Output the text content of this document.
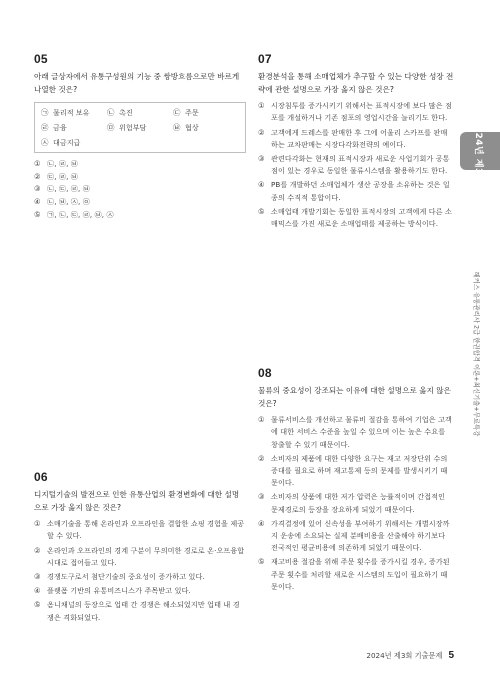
05
아래 글상자에서 유통구성원의 기능 중 쌍방흐름으로만 바르게 나열한 것은?
㉠ 물리적 보유 ㉡ 촉진	㉢ 주문
㉣ 금융	㉤ 위험부담	㉥ 협상
㉦ 대금지급
① ㉡, ㉣, ㉥
② ㉢, ㉣, ㉥
③ ㉡, ㉢, ㉣, ㉥
④ ㉡, ㉥, ㉦, ㉧
⑤ ㉠, ㉡, ㉢, ㉣, ㉥, ㉦
06
디지털기술의 발전으로 인한 유통산업의 환경변화에 대한 설명으로 가장 옳지 않은 것은?
① 소매기술을 통해 온라인과 오프라인을 결합한 쇼핑 경험을 제공할 수 있다.
② 온라인과 오프라인의 경계 구분이 무의미한 경로로 온·오프융합시대로 접어들고 있다.
③ 경쟁도구로서 첨단기술의 중요성이 증가하고 있다.
④ 플랫폼 기반의 유통비즈니스가 주목받고 있다.
⑤ 옴니채널의 등장으로 업태 간 경쟁은 해소되었지만 업태 내 경쟁은 격화되었다.
07
환경분석을 통해 소매업체가 추구할 수 있는 다양한 성장 전략에 관한 설명으로 가장 옳지 않은 것은?
① 시장침투를 증가시키기 위해서는 표적시장에 보다 많은 점포를 개설하거나 기존 점포의 영업시간을 늘리기도 한다.
② 고객에게 드레스를 판매한 후 그에 어울리 스카프를 판매하는 교차판매는 시장다각화전략의 예이다.
③ 관련다각화는 현재의 표적시장과 새로운 사업기회가 공통점이 있는 경우로 동일한 물류시스템을 활용하기도 한다.
④ PB를 개발하던 소매업체가 생산 공장을 소유하는 것은 일종의 수직적 통합이다.
⑤ 소매업태 개발기회는 동일한 표적시장의 고객에게 다른 소매믹스를 가진 새로운 소매업태를 제공하는 방식이다.
08
물류의 중요성이 강조되는 이유에 대한 설명으로 옳지 않은 것은?
① 물류서비스를 개선하고 물류비 절감을 통하여 기업은 고객에 대한 서비스 수준을 높일 수 있으며 이는 높은 수요를 창출할 수 있기 때문이다.
② 소비자의 제품에 대한 다양한 요구는 재고 저장단위 수의 증대를 필요로 하며 재고통제 등의 문제를 발생시키기 때문이다.
③ 소비자의 상품에 대한 저가 압력은 능률적이며 간접적인 문제경로의 등장을 장요하게 되었기 때문이다.
④ 가격결정에 있어 신속성을 부여하기 위해서는 개별시장까지 운송에 소요되는 실제 분배비용을 산출해야 하기보다 전국적인 평균비용에 의존하게 되었기 때문이다.
⑤ 재고비용 절감을 위해 주문 횟수를 증가시킬 경우, 증가된 주문 횟수를 처리할 새로운 시스템의 도입이 필요하기 때문이다.
2024년 제3회
해커스 유통관리사 2급 한권합격 이론+최신기출+무료특강
2024년 제3회 기출문제 5
